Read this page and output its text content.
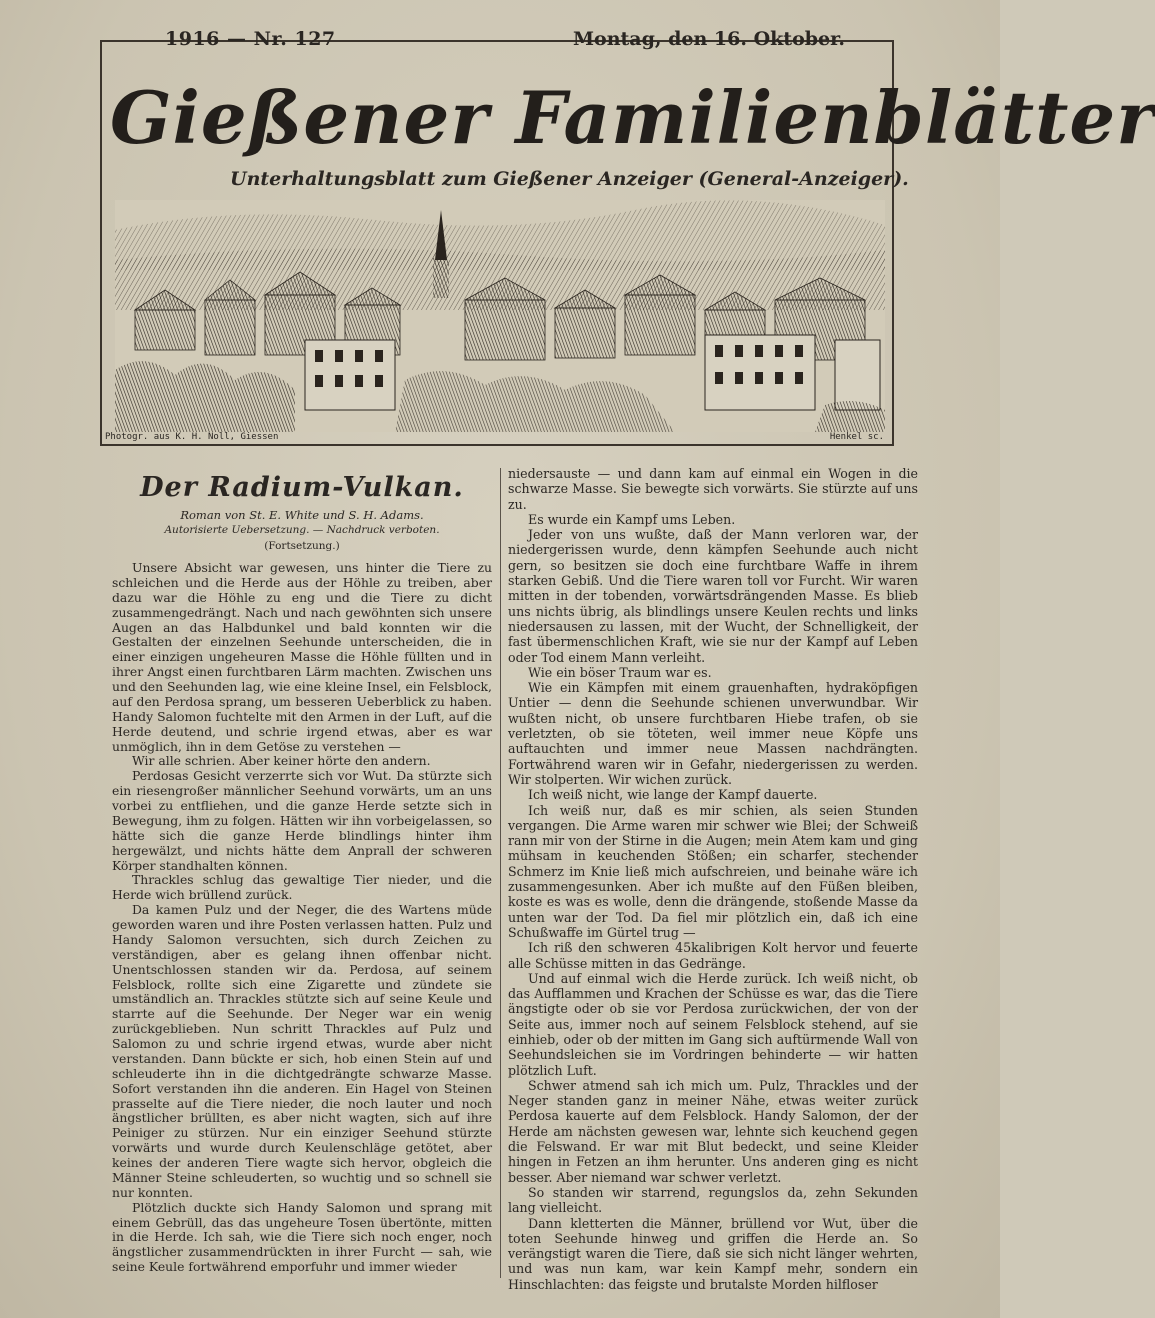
1916 — Nr. 127	Montag, den 16. Oktober.
Gießener Familienblätter
Unterhaltungsblatt zum Gießener Anzeiger (General-Anzeiger).
Photogr. aus K. H. Noll, Giessen	Henkel sc.
Der Radium-Vulkan.
Roman von St. E. White und S. H. Adams.
Autorisierte Uebersetzung. — Nachdruck verboten.
(Fortsetzung.)

Unsere Absicht war gewesen, uns hinter die Tiere zu schleichen und die Herde aus der Höhle zu treiben, aber dazu war die Höhle zu eng und die Tiere zu dicht zusammengedrängt. Nach und nach gewöhnten sich unsere Augen an das Halbdunkel und bald konnten wir die Gestalten der einzelnen Seehunde unterscheiden, die in einer einzigen ungeheuren Masse die Höhle füllten und in ihrer Angst einen furchtbaren Lärm machten. Zwischen uns und den Seehunden lag, wie eine kleine Insel, ein Felsblock, auf den Perdosa sprang, um besseren Ueberblick zu haben. Handy Salomon fuchtelte mit den Armen in der Luft, auf die Herde deutend, und schrie irgend etwas, aber es war unmöglich, ihn in dem Getöse zu verstehen —

Wir alle schrien. Aber keiner hörte den andern.

Perdosas Gesicht verzerrte sich vor Wut. Da stürzte sich ein riesengroßer männlicher Seehund vorwärts, um an uns vorbei zu entfliehen, und die ganze Herde setzte sich in Bewegung, ihm zu folgen. Hätten wir ihn vorbeigelassen, so hätte sich die ganze Herde blindlings hinter ihm hergewälzt, und nichts hätte dem Anprall der schweren Körper standhalten können.

Thrackles schlug das gewaltige Tier nieder, und die Herde wich brüllend zurück.

Da kamen Pulz und der Neger, die des Wartens müde geworden waren und ihre Posten verlassen hatten. Pulz und Handy Salomon versuchten, sich durch Zeichen zu verständigen, aber es gelang ihnen offenbar nicht. Unentschlossen standen wir da. Perdosa, auf seinem Felsblock, rollte sich eine Zigarette und zündete sie umständlich an. Thrackles stützte sich auf seine Keule und starrte auf die Seehunde. Der Neger war ein wenig zurückgeblieben. Nun schritt Thrackles auf Pulz und Salomon zu und schrie irgend etwas, wurde aber nicht verstanden. Dann bückte er sich, hob einen Stein auf und schleuderte ihn in die dichtgedrängte schwarze Masse. Sofort verstanden ihn die anderen. Ein Hagel von Steinen prasselte auf die Tiere nieder, die noch lauter und noch ängstlicher brüllten, es aber nicht wagten, sich auf ihre Peiniger zu stürzen. Nur ein einziger Seehund stürzte vorwärts und wurde durch Keulenschläge getötet, aber keines der anderen Tiere wagte sich hervor, obgleich die Männer Steine schleuderten, so wuchtig und so schnell sie nur konnten.

Plötzlich duckte sich Handy Salomon und sprang mit einem Gebrüll, das das ungeheure Tosen übertönte, mitten in die Herde. Ich sah, wie die Tiere sich noch enger, noch ängstlicher zusammendrückten in ihrer Furcht — sah, wie seine Keule fortwährend emporfuhr und immer wieder

niedersauste — und dann kam auf einmal ein Wogen in die schwarze Masse. Sie bewegte sich vorwärts. Sie stürzte auf uns zu.

Es wurde ein Kampf ums Leben.

Jeder von uns wußte, daß der Mann verloren war, der niedergerissen wurde, denn kämpfen Seehunde auch nicht gern, so besitzen sie doch eine furchtbare Waffe in ihrem starken Gebiß. Und die Tiere waren toll vor Furcht. Wir waren mitten in der tobenden, vorwärtsdrängenden Masse. Es blieb uns nichts übrig, als blindlings unsere Keulen rechts und links niedersausen zu lassen, mit der Wucht, der Schnelligkeit, der fast übermenschlichen Kraft, wie sie nur der Kampf auf Leben oder Tod einem Mann verleiht.

Wie ein böser Traum war es.

Wie ein Kämpfen mit einem grauenhaften, hydraköpfigen Untier — denn die Seehunde schienen unverwundbar. Wir wußten nicht, ob unsere furchtbaren Hiebe trafen, ob sie verletzten, ob sie töteten, weil immer neue Köpfe uns auftauchten und immer neue Massen nachdrängten. Fortwährend waren wir in Gefahr, niedergerissen zu werden. Wir stolperten. Wir wichen zurück.

Ich weiß nicht, wie lange der Kampf dauerte.

Ich weiß nur, daß es mir schien, als seien Stunden vergangen. Die Arme waren mir schwer wie Blei; der Schweiß rann mir von der Stirne in die Augen; mein Atem kam und ging mühsam in keuchenden Stößen; ein scharfer, stechender Schmerz im Knie ließ mich aufschreien, und beinahe wäre ich zusammengesunken. Aber ich mußte auf den Füßen bleiben, koste es was es wolle, denn die drängende, stoßende Masse da unten war der Tod. Da fiel mir plötzlich ein, daß ich eine Schußwaffe im Gürtel trug —

Ich riß den schweren 45kalibrigen Kolt hervor und feuerte alle Schüsse mitten in das Gedränge.

Und auf einmal wich die Herde zurück. Ich weiß nicht, ob das Aufflammen und Krachen der Schüsse es war, das die Tiere ängstigte oder ob sie vor Perdosa zurückwichen, der von der Seite aus, immer noch auf seinem Felsblock stehend, auf sie einhieb, oder ob der mitten im Gang sich auftürmende Wall von Seehundsleichen sie im Vordringen behinderte — wir hatten plötzlich Luft.

Schwer atmend sah ich mich um. Pulz, Thrackles und der Neger standen ganz in meiner Nähe, etwas weiter zurück Perdosa kauerte auf dem Felsblock. Handy Salomon, der der Herde am nächsten gewesen war, lehnte sich keuchend gegen die Felswand. Er war mit Blut bedeckt, und seine Kleider hingen in Fetzen an ihm herunter. Uns anderen ging es nicht besser. Aber niemand war schwer verletzt.

So standen wir starrend, regungslos da, zehn Sekunden lang vielleicht.

Dann kletterten die Männer, brüllend vor Wut, über die toten Seehunde hinweg und griffen die Herde an. So verängstigt waren die Tiere, daß sie sich nicht länger wehrten, und was nun kam, war kein Kampf mehr, sondern ein Hinschlachten: das feigste und brutalste Morden hilfloser
